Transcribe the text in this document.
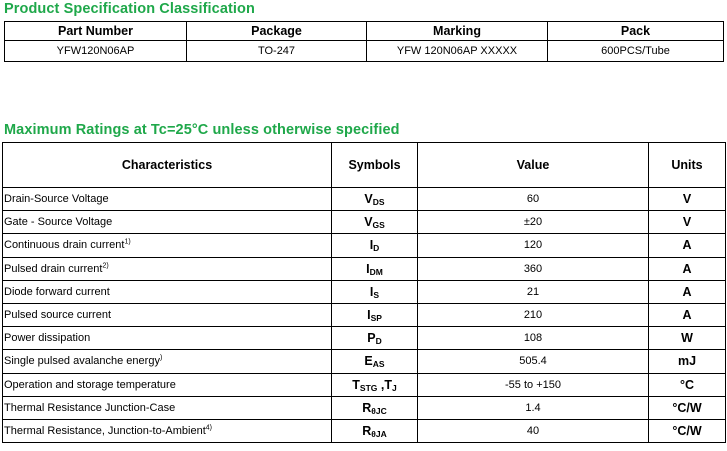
Product Specification Classification
Part Number	Package	Marking	Pack
YFW120N06AP	TO-247	YFW 120N06AP XXXXX	600PCS/Tube
Maximum Ratings at Tc=25°C unless otherwise specified
Characteristics	Symbols	Value	Units
Drain-Source Voltage	VDS	60	V
Gate - Source Voltage	VGS	±20	V
Continuous drain current$^{1)}$	ID	120	A
Pulsed drain current$^{2)}$	IDM	360	A
Diode forward current	IS	21	A
Pulsed source current	ISP	210	A
Power dissipation	PD	108	W
Single pulsed avalanche energy)	EAS	505.4	mJ
Operation and storage temperature	TSTG ,TJ	-55 to +150	°C
Thermal Resistance Junction-Case	RθJC	1.4	°C/W
Thermal Resistance, Junction-to-Ambient$^{4)}$	RθJA	40	°C/W
